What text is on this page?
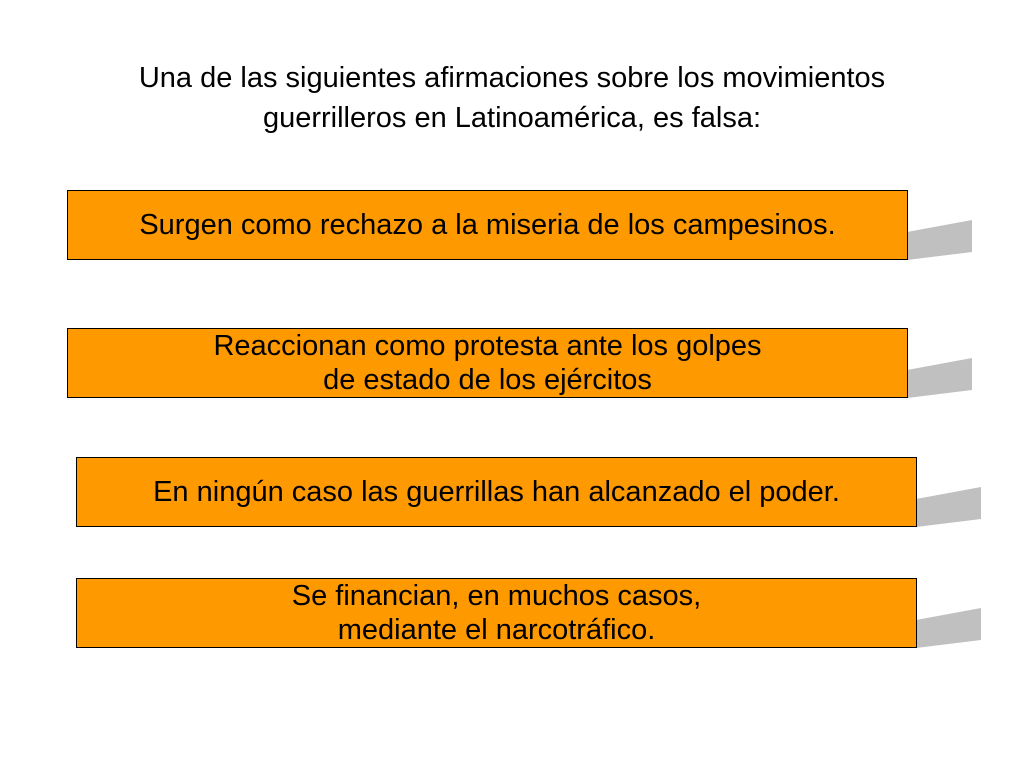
Una de las siguientes afirmaciones sobre los movimientos
guerrilleros en Latinoamérica, es falsa:
Surgen como rechazo a la miseria de los campesinos.
Reaccionan como protesta ante los golpes
de estado de los ejércitos
En ningún caso las guerrillas han alcanzado el poder.
Se financian, en muchos casos,
mediante el narcotráfico.
